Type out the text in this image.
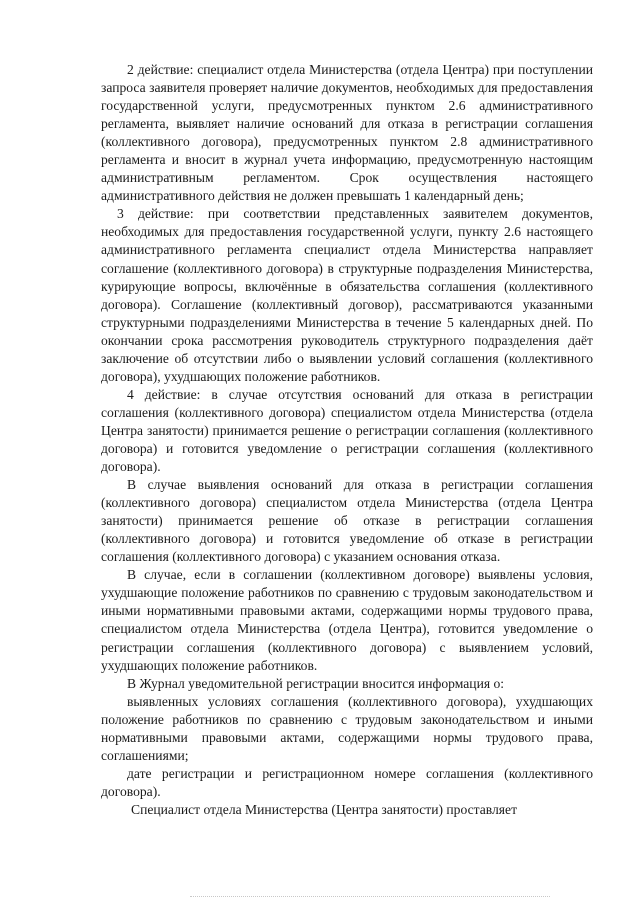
2 действие: специалист отдела Министерства (отдела Центра) при поступлении запроса заявителя проверяет наличие документов, необходимых для предоставления государственной услуги, предусмотренных пунктом 2.6 административного регламента, выявляет наличие оснований для отказа в регистрации соглашения (коллективного договора), предусмотренных пунктом 2.8 административного регламента и вносит в журнал учета информацию, предусмотренную настоящим административным регламентом. Срок осуществления настоящего административного действия не должен превышать 1 календарный день;

3 действие: при соответствии представленных заявителем документов, необходимых для предоставления государственной услуги, пункту 2.6 настоящего административного регламента специалист отдела Министерства направляет соглашение (коллективного договора) в структурные подразделения Министерства, курирующие вопросы, включённые в обязательства соглашения (коллективного договора). Соглашение (коллективный договор), рассматриваются указанными структурными подразделениями Министерства в течение 5 календарных дней. По окончании срока рассмотрения руководитель структурного подразделения даёт заключение об отсутствии либо о выявлении условий соглашения (коллективного договора), ухудшающих положение работников.

4 действие: в случае отсутствия оснований для отказа в регистрации соглашения (коллективного договора) специалистом отдела Министерства (отдела Центра занятости) принимается решение о регистрации соглашения (коллективного договора) и готовится уведомление о регистрации соглашения (коллективного договора).

В случае выявления оснований для отказа в регистрации соглашения (коллективного договора) специалистом отдела Министерства (отдела Центра занятости) принимается решение об отказе в регистрации соглашения (коллективного договора) и готовится уведомление об отказе в регистрации соглашения (коллективного договора) с указанием основания отказа.

В случае, если в соглашении (коллективном договоре) выявлены условия, ухудшающие положение работников по сравнению с трудовым законодательством и иными нормативными правовыми актами, содержащими нормы трудового права, специалистом отдела Министерства (отдела Центра), готовится уведомление о регистрации соглашения (коллективного договора) с выявлением условий, ухудшающих положение работников.

В Журнал уведомительной регистрации вносится информация о:

выявленных условиях соглашения (коллективного договора), ухудшающих положение работников по сравнению с трудовым законодательством и иными нормативными правовыми актами, содержащими нормы трудового права, соглашениями;

дате регистрации и регистрационном номере соглашения (коллективного договора).

Специалист отдела Министерства (Центра занятости) проставляет
